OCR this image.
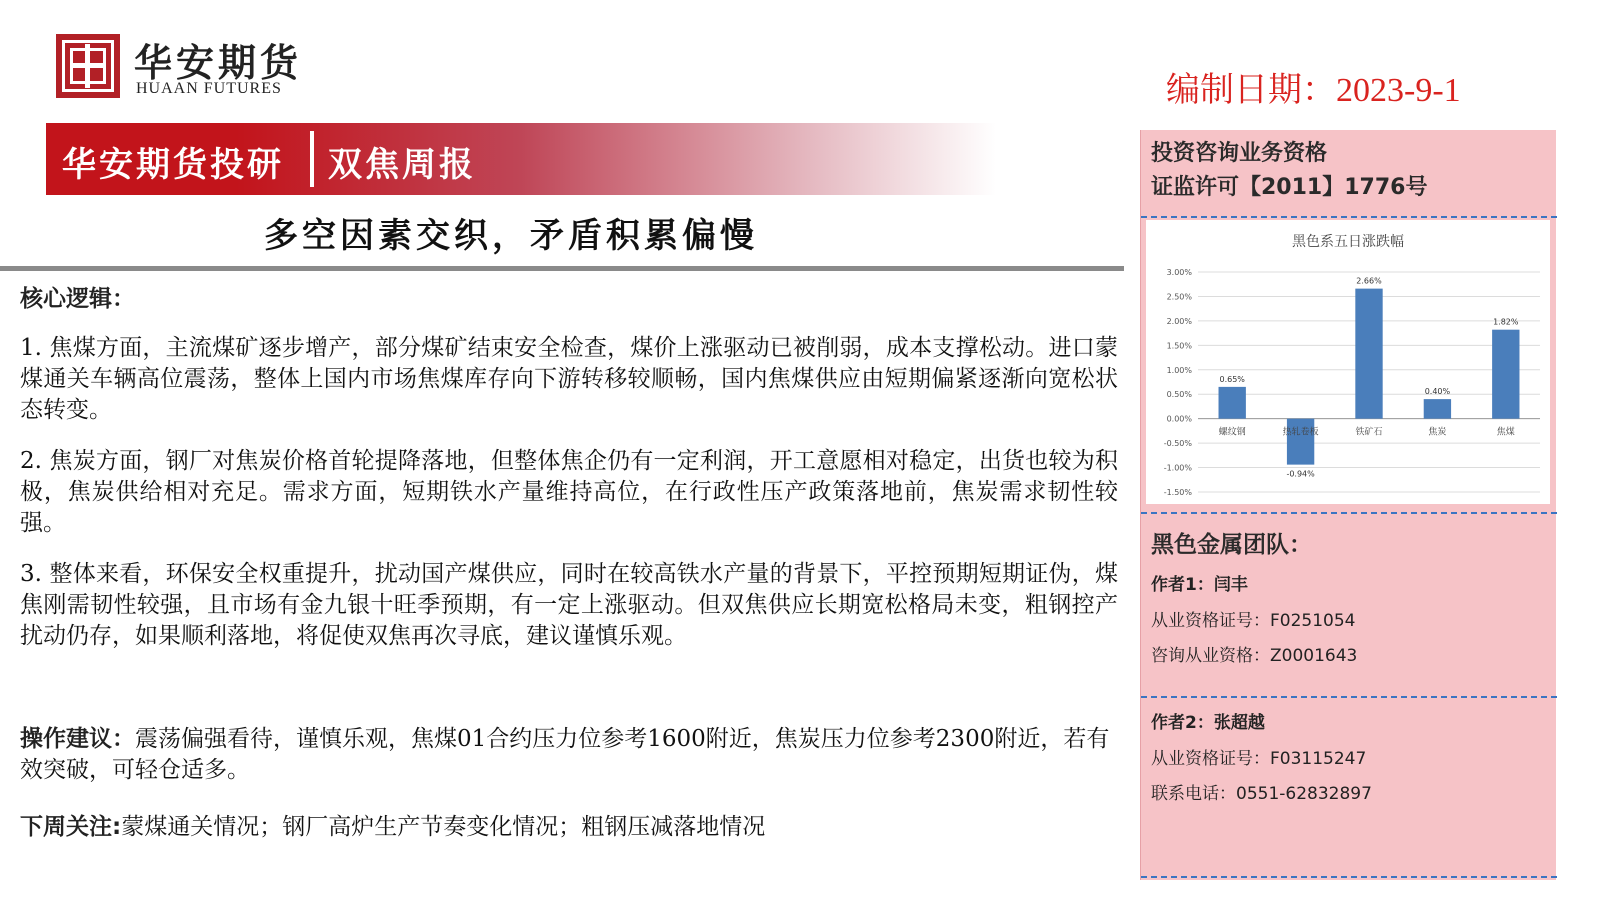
华安期货
HUAAN FUTURES	编制日期：2023-9-1
华安期货投研 双焦周报
多空因素交织，矛盾积累偏慢
核心逻辑：

1. 焦煤方面，主流煤矿逐步增产，部分煤矿结束安全检查，煤价上涨驱动已被削弱，成本支撑松动。进口蒙煤通关车辆高位震荡，整体上国内市场焦煤库存向下游转移较顺畅，国内焦煤供应由短期偏紧逐渐向宽松状态转变。

2. 焦炭方面，钢厂对焦炭价格首轮提降落地，但整体焦企仍有一定利润，开工意愿相对稳定，出货也较为积极，焦炭供给相对充足。需求方面，短期铁水产量维持高位，在行政性压产政策落地前，焦炭需求韧性较强。

3. 整体来看，环保安全权重提升，扰动国产煤供应，同时在较高铁水产量的背景下，平控预期短期证伪，煤焦刚需韧性较强，且市场有金九银十旺季预期，有一定上涨驱动。但双焦供应长期宽松格局未变，粗钢控产扰动仍存，如果顺利落地，将促使双焦再次寻底，建议谨慎乐观。

操作建议：震荡偏强看待，谨慎乐观，焦煤01合约压力位参考1600附近，焦炭压力位参考2300附近，若有效突破，可轻仓适多。

下周关注:蒙煤通关情况；钢厂高炉生产节奏变化情况；粗钢压减落地情况

投资咨询业务资格
证监许可【2011】1776号
黑色金属团队：
作者1：闫丰
从业资格证号：F0251054
咨询从业资格：Z0001643
作者2：张超越
从业资格证号：F03115247
联系电话：0551-62832897
黑色系五日涨跌幅
3.00%
2.50%
2.00%
1.50%
1.00%
0.50%
0.00%
-0.50%
-1.00%
-1.50%
0.65%
螺纹钢
-0.94%
热轧卷板
2.66%
铁矿石
0.40%
焦炭
1.82%
焦煤
